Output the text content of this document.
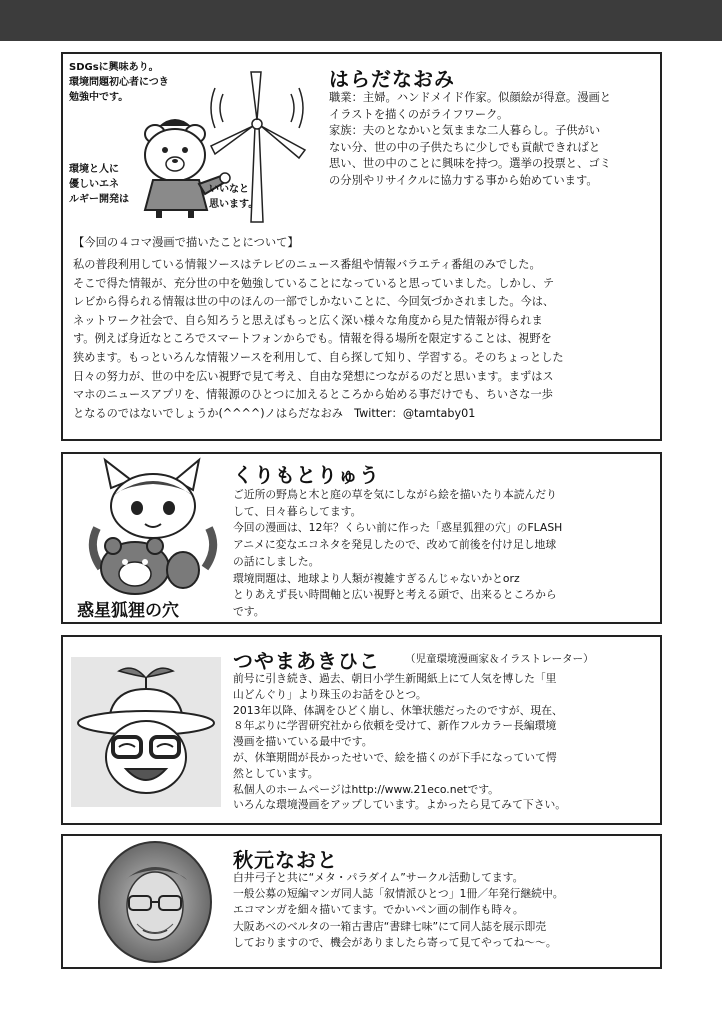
SDGsに興味あり。

環境問題初心者につき

勉強中です。

環境と人に

優しいエネ

ルギー開発は

いいなと

思います。

はらだなおみ

職業：主婦。ハンドメイド作家。似顔絵が得意。漫画と

イラストを描くのがライフワーク。

家族：夫のとなかいと気ままな二人暮らし。子供がい

ない分、世の中の子供たちに少しでも貢献できればと

思い、世の中のことに興味を持つ。選挙の投票と、ゴミ

の分別やリサイクルに協力する事から始めています。

【今回の４コマ漫画で描いたことについて】

私の普段利用している情報ソースはテレビのニュース番組や情報バラエティ番組のみでした。

そこで得た情報が、充分世の中を勉強していることになっていると思っていました。しかし、テ

レビから得られる情報は世の中のほんの一部でしかないことに、今回気づかされました。今は、

ネットワーク社会で、自ら知ろうと思えばもっと広く深い様々な角度から見た情報が得られま

す。例えば身近なところでスマートフォンからでも。情報を得る場所を限定することは、視野を

狭めます。もっといろんな情報ソースを利用して、自ら探して知り、学習する。そのちょっとした

日々の努力が、世の中を広い視野で見て考え、自由な発想につながるのだと思います。まずはス

マホのニュースアプリを、情報源のひとつに加えるところから始める事だけでも、ちいさな一歩

となるのではないでしょうか(^^^^)ノはらだなおみ　Twitter：@tamtaby01

惑星狐狸の穴
くりもとりゅう

ご近所の野鳥と木と庭の草を気にしながら絵を描いたり本読んだり

して、日々暮らしてます。

今回の漫画は、12年？くらい前に作った「惑星狐狸の穴」のFLASH

アニメに変なエコネタを発見したので、改めて前後を付け足し地球

の話にしました。

環境問題は、地球より人類が複雑すぎるんじゃないかとorz

とりあえず長い時間軸と広い視野と考える頭で、出来るところから

です。

つやまあきひこ （児童環境漫画家＆イラストレーター）

前号に引き続き、過去、朝日小学生新聞紙上にて人気を博した「里

山どんぐり」より珠玉のお話をひとつ。

2013年以降、体調をひどく崩し、休筆状態だったのですが、現在、

８年ぶりに学習研究社から依頼を受けて、新作フルカラー長編環境

漫画を描いている最中です。

が、休筆期間が長かったせいで、絵を描くのが下手になっていて愕

然としています。

私個人のホームページはhttp://www.21eco.netです。

いろんな環境漫画をアップしています。よかったら見てみて下さい。

秋元なおと

白井弓子と共に“メタ・パラダイム”サークル活動してます。

一般公募の短編マンガ同人誌「叙情派ひとつ」1冊／年発行継続中。

エコマンガを細々描いてます。でかいペン画の制作も時々。

大阪あべのベルタの一箱古書店“書肆七味”にて同人誌を展示即売

しておりますので、機会がありましたら寄って見てやってね〜〜。
